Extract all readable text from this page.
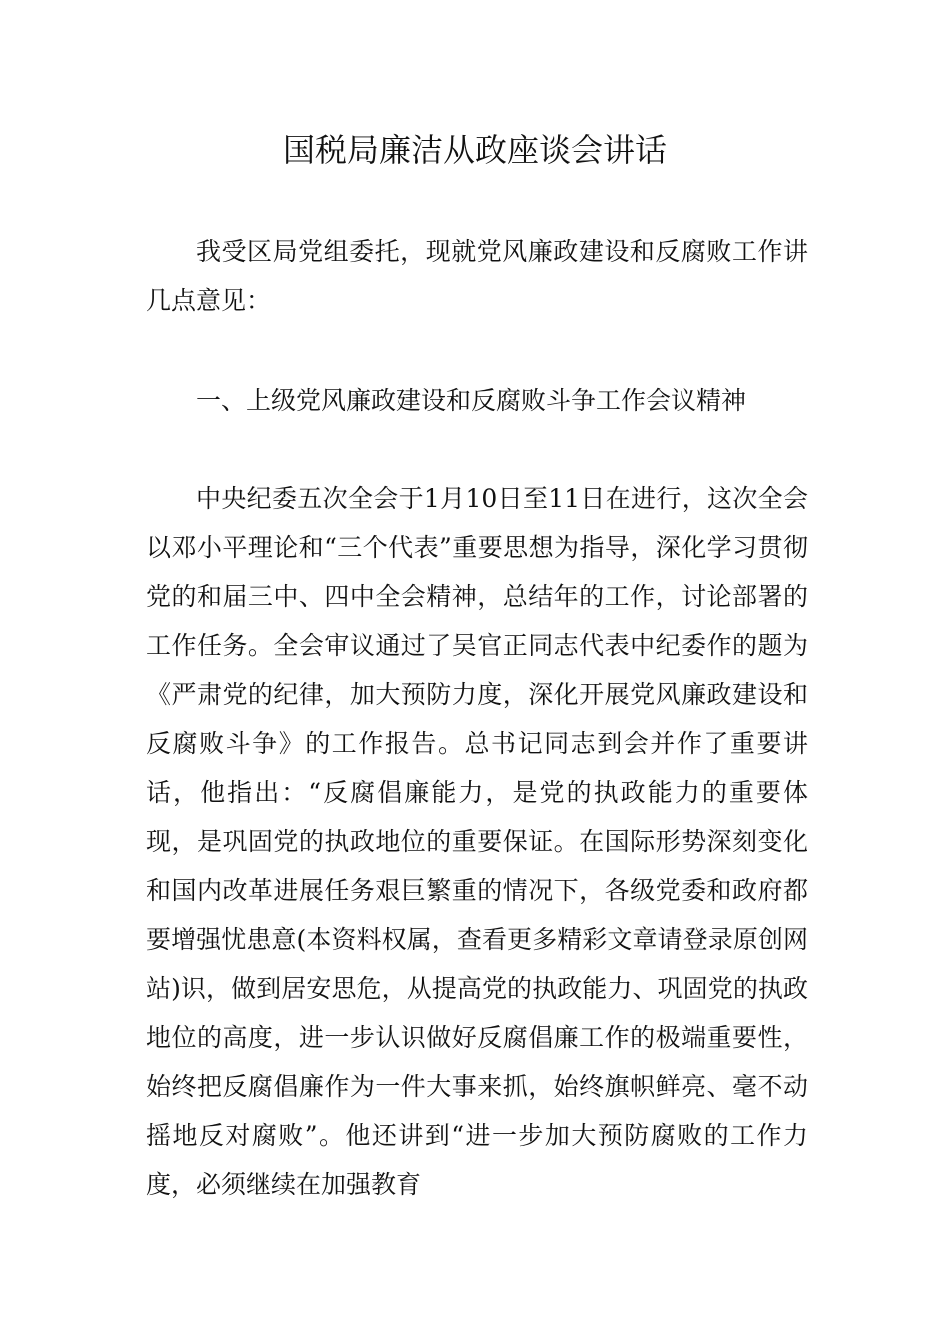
国税局廉洁从政座谈会讲话

我受区局党组委托，现就党风廉政建设和反腐败工作讲几点意见：

一、上级党风廉政建设和反腐败斗争工作会议精神

中央纪委五次全会于1月10日至11日在进行，这次全会以邓小平理论和“三个代表”重要思想为指导，深化学习贯彻党的和届三中、四中全会精神，总结年的工作，讨论部署的工作任务。全会审议通过了吴官正同志代表中纪委作的题为《严肃党的纪律，加大预防力度，深化开展党风廉政建设和反腐败斗争》的工作报告。总书记同志到会并作了重要讲话，他指出：“反腐倡廉能力，是党的执政能力的重要体现，是巩固党的执政地位的重要保证。在国际形势深刻变化和国内改革进展任务艰巨繁重的情况下，各级党委和政府都要增强忧患意(本资料权属，查看更多精彩文章请登录原创网站)识，做到居安思危，从提高党的执政能力、巩固党的执政地位的高度，进一步认识做好反腐倡廉工作的极端重要性，始终把反腐倡廉作为一件大事来抓，始终旗帜鲜亮、毫不动摇地反对腐败”。他还讲到“进一步加大预防腐败的工作力度，必须继续在加强教育
